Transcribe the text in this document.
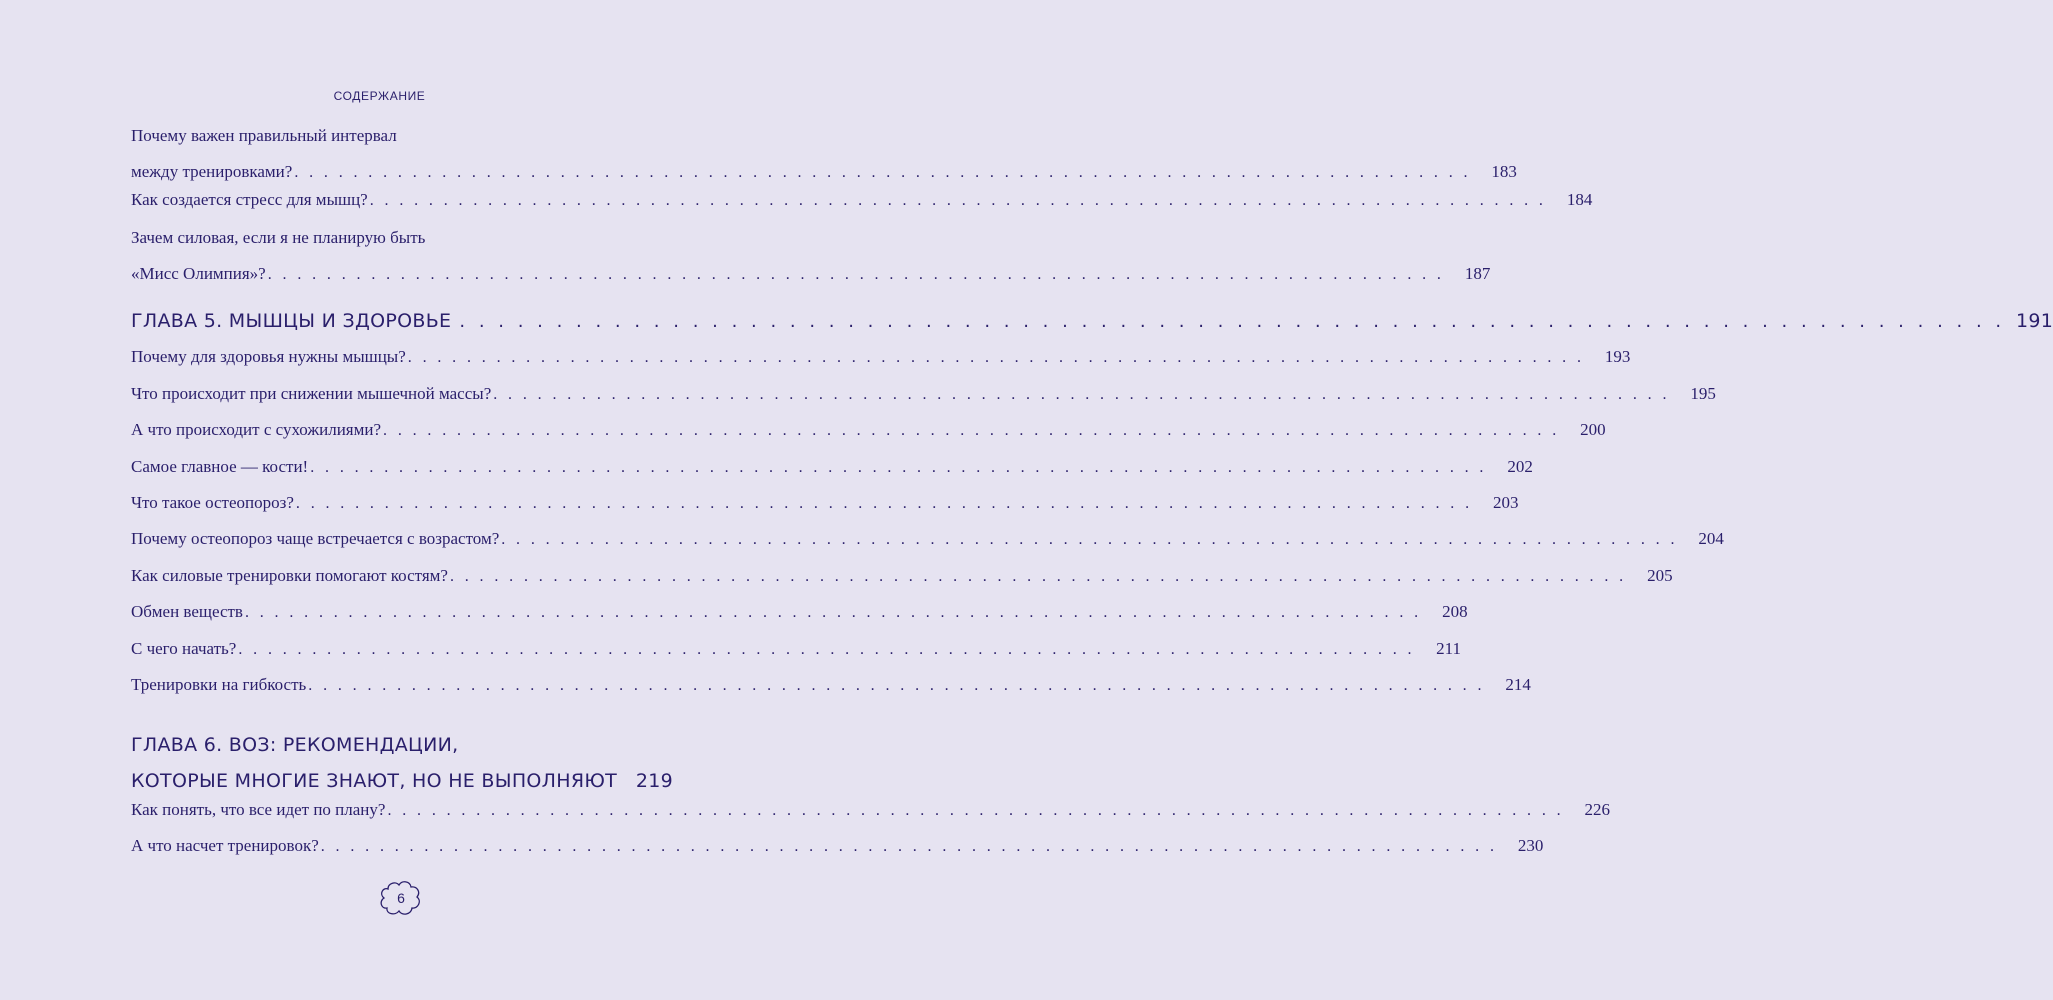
СОДЕРЖАНИЕ
Почему важен правильный интервал
между тренировками? . . . . . . . . . . . . . . . . . . . . . . . . . . . . . . . . . . . . . . . . . . . . . . . . . . . . . . . . . . . . . . . . . . . . . . . . . . . . . . . .	183
Как создается стресс для мышц? . . . . . . . . . . . . . . . . . . . . . . . . . . . . . . . . . . . . . . . . . . . . . . . . . . . . . . . . . . . . . . . . . . . . . . . . . . . . . . . .	184
Зачем силовая, если я не планирую быть
«Мисс Олимпия»? . . . . . . . . . . . . . . . . . . . . . . . . . . . . . . . . . . . . . . . . . . . . . . . . . . . . . . . . . . . . . . . . . . . . . . . . . . . . . . . .	187
ГЛАВА 5. МЫШЦЫ И ЗДОРОВЬЕ . . . . . . . . . . . . . . . . . . . . . . . . . . . . . . . . . . . . . . . . . . . . . . . . . . . . . . . . . . . . . . . . . . . . . . . . . . . . . . . . 191
Почему для здоровья нужны мышцы? . . . . . . . . . . . . . . . . . . . . . . . . . . . . . . . . . . . . . . . . . . . . . . . . . . . . . . . . . . . . . . . . . . . . . . . . . . . . . . . .	193
Что происходит при снижении мышечной массы? . . . . . . . . . . . . . . . . . . . . . . . . . . . . . . . . . . . . . . . . . . . . . . . . . . . . . . . . . . . . . . . . . . . . . . . . . . . . . . . .	195
А что происходит с сухожилиями? . . . . . . . . . . . . . . . . . . . . . . . . . . . . . . . . . . . . . . . . . . . . . . . . . . . . . . . . . . . . . . . . . . . . . . . . . . . . . . . .	200
Самое главное — кости! . . . . . . . . . . . . . . . . . . . . . . . . . . . . . . . . . . . . . . . . . . . . . . . . . . . . . . . . . . . . . . . . . . . . . . . . . . . . . . . .	202
Что такое остеопороз? . . . . . . . . . . . . . . . . . . . . . . . . . . . . . . . . . . . . . . . . . . . . . . . . . . . . . . . . . . . . . . . . . . . . . . . . . . . . . . . .	203
Почему остеопороз чаще встречается с возрастом? . . . . . . . . . . . . . . . . . . . . . . . . . . . . . . . . . . . . . . . . . . . . . . . . . . . . . . . . . . . . . . . . . . . . . . . . . . . . . . . .	204
Как силовые тренировки помогают костям? . . . . . . . . . . . . . . . . . . . . . . . . . . . . . . . . . . . . . . . . . . . . . . . . . . . . . . . . . . . . . . . . . . . . . . . . . . . . . . . .	205
Обмен веществ . . . . . . . . . . . . . . . . . . . . . . . . . . . . . . . . . . . . . . . . . . . . . . . . . . . . . . . . . . . . . . . . . . . . . . . . . . . . . . . .	208
С чего начать? . . . . . . . . . . . . . . . . . . . . . . . . . . . . . . . . . . . . . . . . . . . . . . . . . . . . . . . . . . . . . . . . . . . . . . . . . . . . . . . .	211
Тренировки на гибкость . . . . . . . . . . . . . . . . . . . . . . . . . . . . . . . . . . . . . . . . . . . . . . . . . . . . . . . . . . . . . . . . . . . . . . . . . . . . . . . .	214
ГЛАВА 6. ВОЗ: РЕКОМЕНДАЦИИ,
КОТОРЫЕ МНОГИЕ ЗНАЮТ, НО НЕ ВЫПОЛНЯЮТ 219
Как понять, что все идет по плану? . . . . . . . . . . . . . . . . . . . . . . . . . . . . . . . . . . . . . . . . . . . . . . . . . . . . . . . . . . . . . . . . . . . . . . . . . . . . . . . .	226
А что насчет тренировок? . . . . . . . . . . . . . . . . . . . . . . . . . . . . . . . . . . . . . . . . . . . . . . . . . . . . . . . . . . . . . . . . . . . . . . . . . . . . . . . .	230
6
